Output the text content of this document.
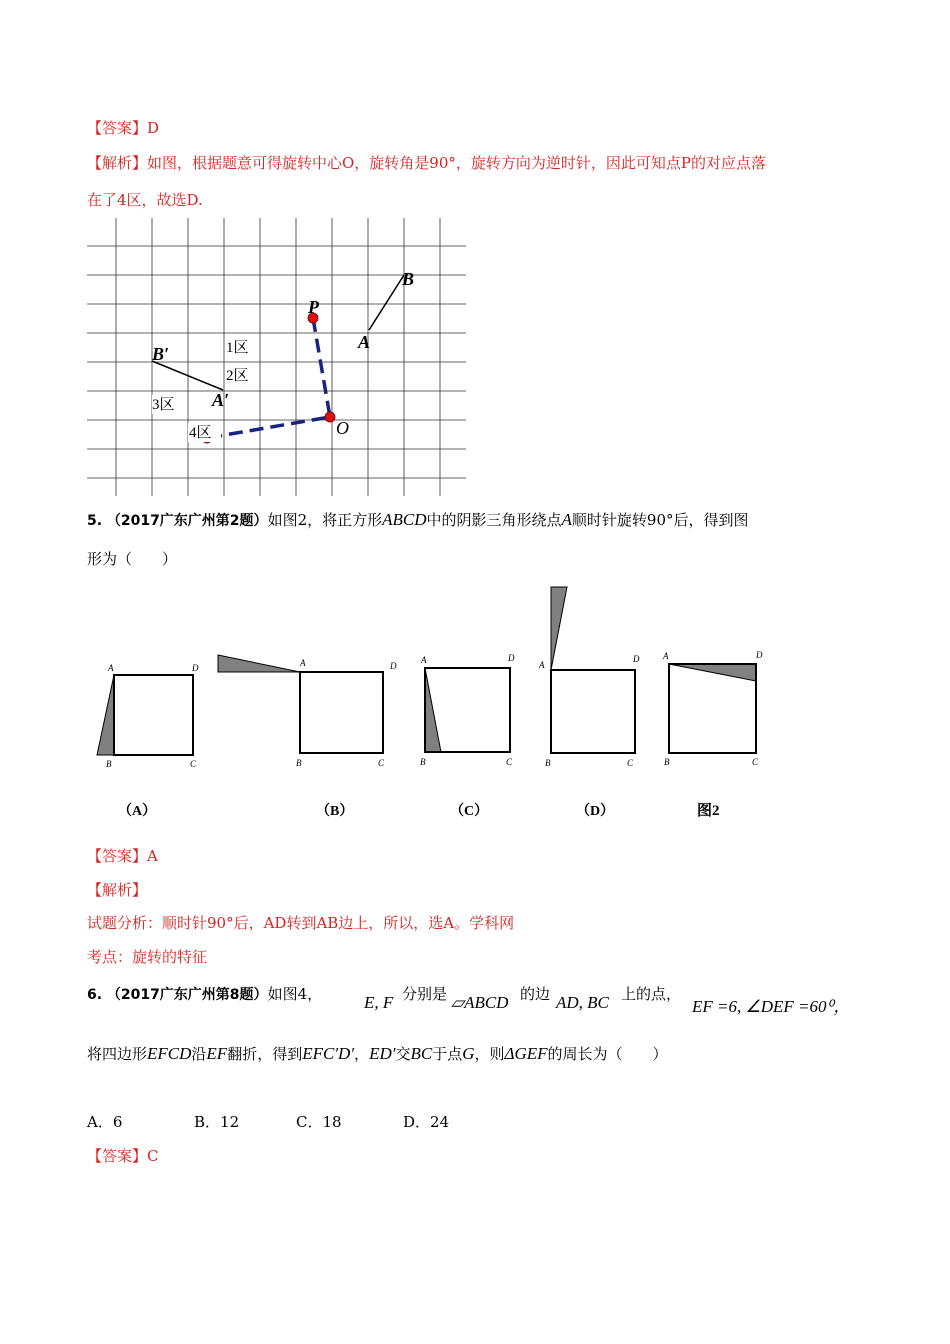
【答案】D
【解析】如图，根据题意可得旋转中心O，旋转角是90°，旋转方向为逆时针，因此可知点P的对应点落
在了4区，故选D.
P
O
A
B
A′
B′	1区
2区
3区
4区
5. （2017广东广州第2题）如图2，将正方形ABCD中的阴影三角形绕点A顺时针旋转90°后，得到图
形为（　　）
A	D
B	C
（A）
A	D
B	C
（B）
A	D
B	C
（C）
A
D
B	C
（D）
A	D
B	C
图2
【答案】A
【解析】
试题分析：顺时针90°后，AD转到AB边上，所以，选A。学科网
考点：旋转的特征
6. （2017广东广州第8题）如图4， E, F 分别是 ▱ABCD 的边 AD, BC 上的点，
EF =6, ∠DEF =60⁰，
将四边形EFCD沿EF翻折，得到EFC′D′，ED′交BC于点G，则ΔGEF的周长为（　　）
A．6	B．12	C．18	D．24
【答案】C
